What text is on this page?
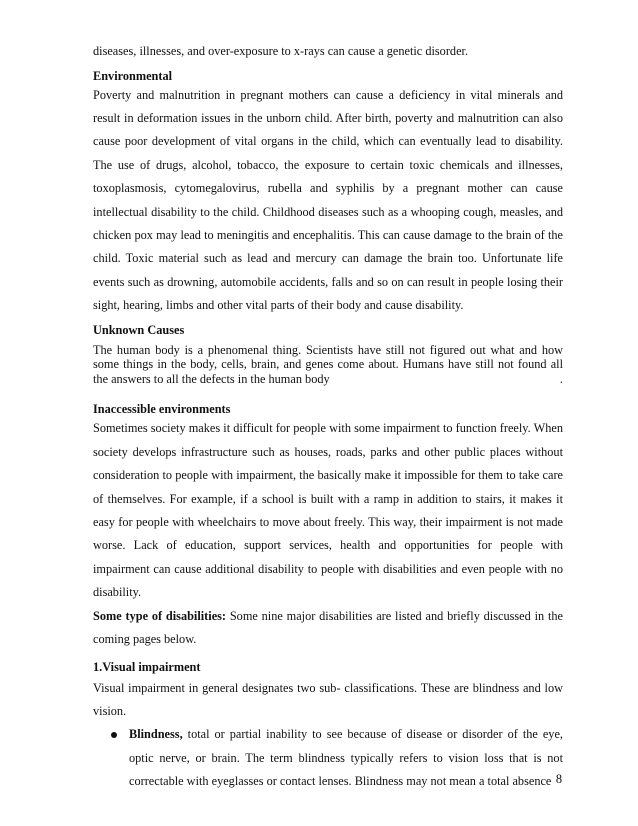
diseases, illnesses, and over-exposure to x-rays can cause a genetic disorder.

Environmental

Poverty and malnutrition in pregnant mothers can cause a deficiency in vital minerals and result in deformation issues in the unborn child. After birth, poverty and malnutrition can also cause poor development of vital organs in the child, which can eventually lead to disability. The use of drugs, alcohol, tobacco, the exposure to certain toxic chemicals and illnesses, toxoplasmosis, cytomegalovirus, rubella and syphilis by a pregnant mother can cause intellectual disability to the child. Childhood diseases such as a whooping cough, measles, and chicken pox may lead to meningitis and encephalitis. This can cause damage to the brain of the child. Toxic material such as lead and mercury can damage the brain too. Unfortunate life events such as drowning, automobile accidents, falls and so on can result in people losing their sight, hearing, limbs and other vital parts of their body and cause disability.

Unknown Causes

The human body is a phenomenal thing. Scientists have still not figured out what and how some things in the body, cells, brain, and genes come about. Humans have still not found all the answers to all the defects in the human body	.

Inaccessible environments

Sometimes society makes it difficult for people with some impairment to function freely. When society develops infrastructure such as houses, roads, parks and other public places without consideration to people with impairment, the basically make it impossible for them to take care of themselves. For example, if a school is built with a ramp in addition to stairs, it makes it easy for people with wheelchairs to move about freely. This way, their impairment is not made worse. Lack of education, support services, health and opportunities for people with impairment can cause additional disability to people with disabilities and even people with no disability.

Some type of disabilities: Some nine major disabilities are listed and briefly discussed in the coming pages below.

1.Visual impairment

Visual impairment in general designates two sub- classifications. These are blindness and low vision.

Blindness, total or partial inability to see because of disease or disorder of the eye, optic nerve, or brain. The term blindness typically refers to vision loss that is not correctable with eyeglasses or contact lenses. Blindness may not mean a total absence 8
